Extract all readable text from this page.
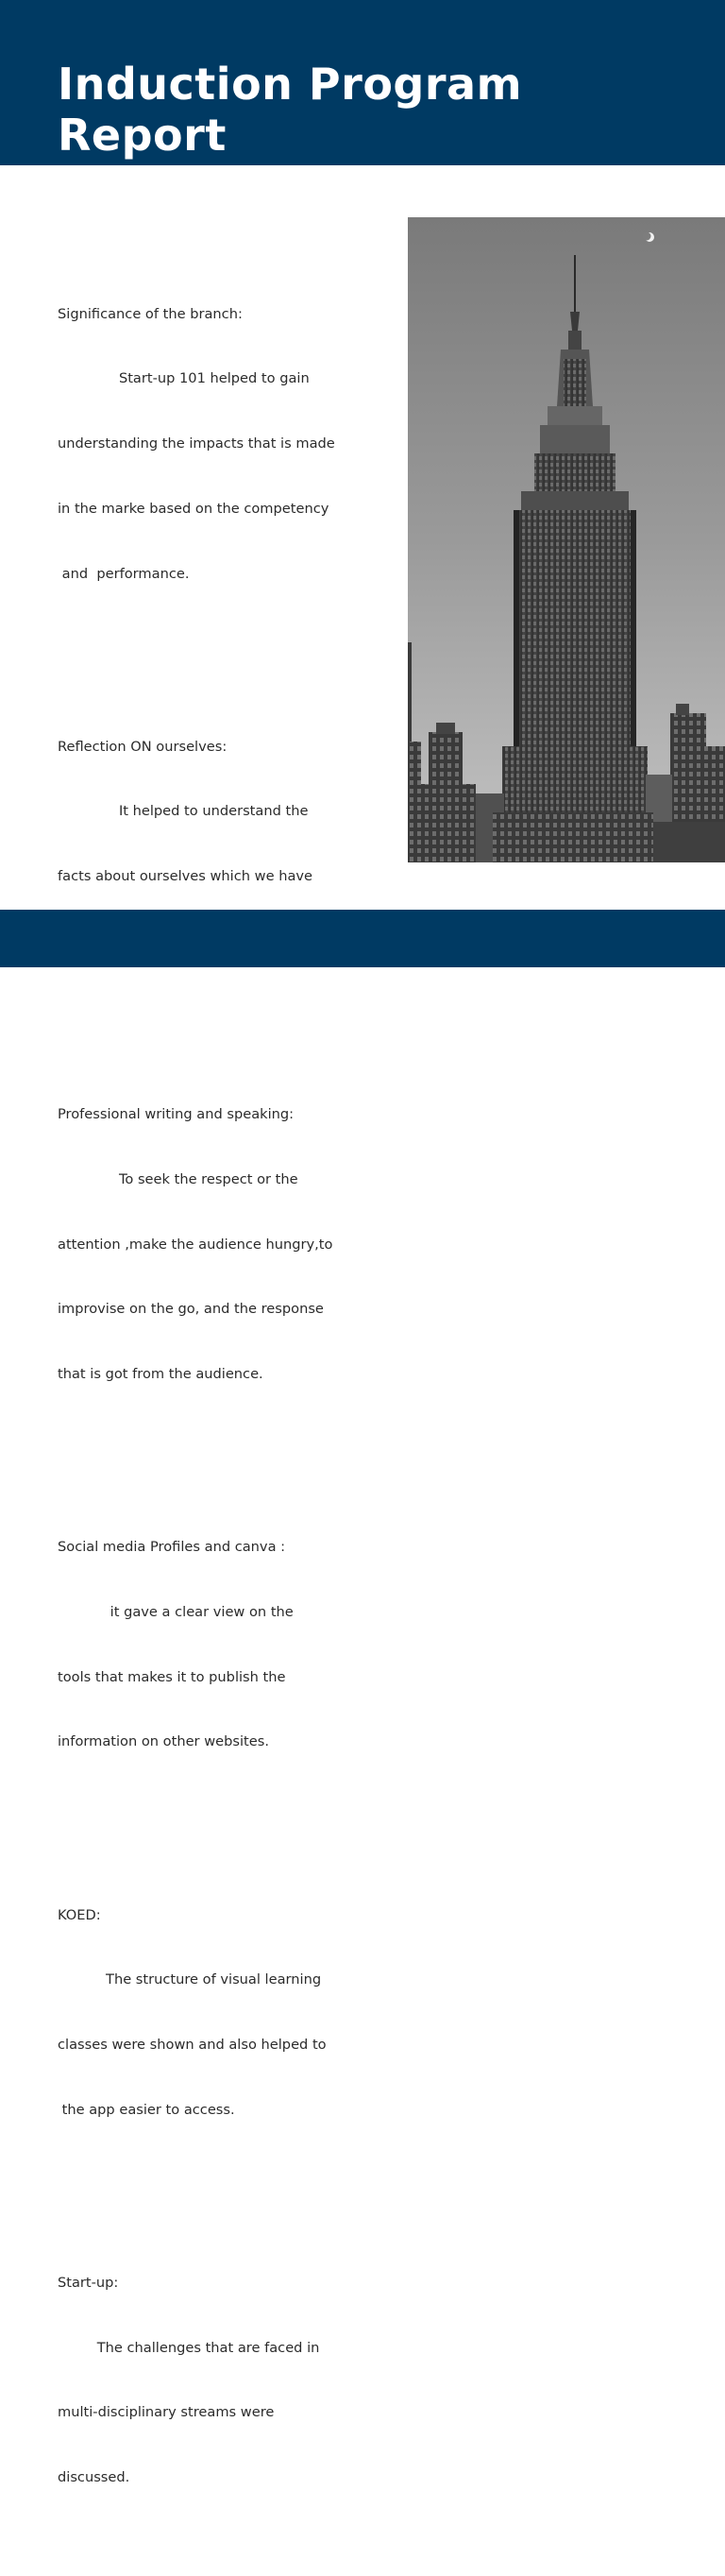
Induction Program
Report

Significance of the branch:

Start-up 101 helped to gain

understanding the impacts that is made

in the marke based on the competency

and  performance.

Reflection ON ourselves:

It helped to understand the

facts about ourselves which we have

Professional writing and speaking:

To seek the respect or the

attention ,make the audience hungry,to

improvise on the go, and the response

that is got from the audience.

Social media Profiles and canva :

it gave a clear view on the

tools that makes it to publish the

information on other websites.

KOED:

The structure of visual learning

classes were shown and also helped to

the app easier to access.

Start-up:

The challenges that are faced in

multi-disciplinary streams were

discussed.
